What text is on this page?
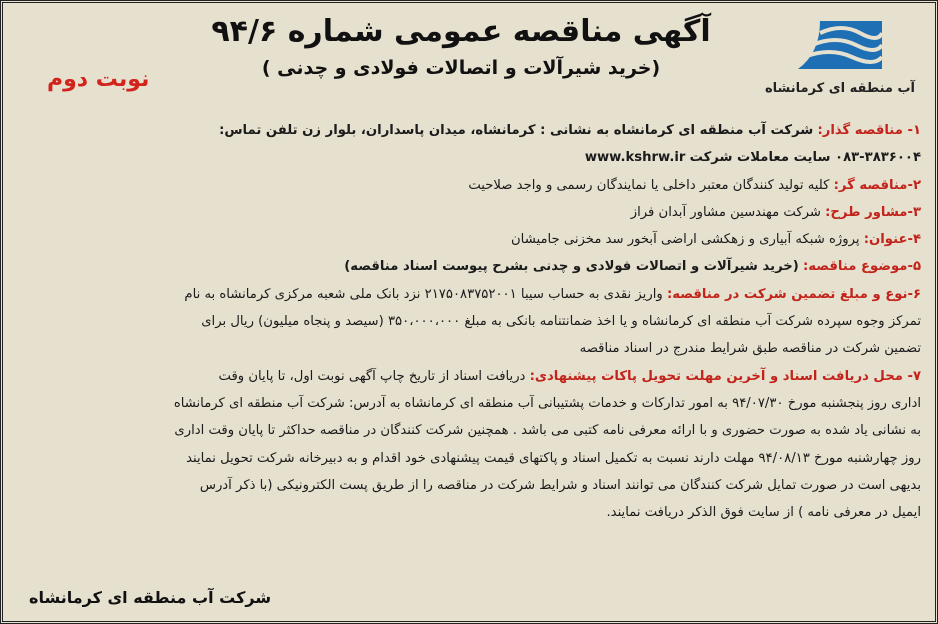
آب منطقه ای کرمانشاه
آگهی مناقصه عمومی شماره ۹۴/۶
(خرید شیرآلات و اتصالات فولادی و چدنی )
نوبت دوم
۱- مناقصه گذار: شرکت آب منطقه ای کرمانشاه به نشانی : کرمانشاه، میدان پاسداران، بلوار زن تلفن تماس:
۰۸۳-۳۸۳۶۰۰۴ سایت معاملات شرکت www.kshrw.ir
۲-مناقصه گر: کلیه تولید کنندگان معتبر داخلی یا نمایندگان رسمی و واجد صلاحیت
۳-مشاور طرح: شرکت مهندسین مشاور آبدان فراز
۴-عنوان: پروژه شبکه آبیاری و زهکشی اراضی آبخور سد مخزنی جامیشان
۵-موضوع مناقصه: (خرید شیرآلات و اتصالات فولادی و چدنی بشرح پیوست اسناد مناقصه)
۶-نوع و مبلغ تضمین شرکت در مناقصه: واریز نقدی به حساب سیبا ۲۱۷۵۰۸۳۷۵۲۰۰۱ نزد بانک ملی شعبه مرکزی کرمانشاه به نام
تمرکز وجوه سپرده شرکت آب منطقه ای کرمانشاه و یا اخذ ضمانتنامه بانکی به مبلغ ۳۵۰،۰۰۰،۰۰۰ (سیصد و پنجاه میلیون) ریال برای
تضمین شرکت در مناقصه طبق شرایط مندرج در اسناد مناقصه
۷- محل دریافت اسناد و آخرین مهلت تحویل پاکات پیشنهادی: دریافت اسناد از تاریخ چاپ آگهی نوبت اول، تا پایان وقت
اداری روز پنجشنبه مورخ ۹۴/۰۷/۳۰ به امور تدارکات و خدمات پشتیبانی آب منطقه ای کرمانشاه به آدرس: شرکت آب منطقه ای کرمانشاه
به نشانی یاد شده به صورت حضوری و با ارائه معرفی نامه کتبی می باشد . همچنین شرکت کنندگان در مناقصه حداکثر تا پایان وقت اداری
روز چهارشنبه مورخ ۹۴/۰۸/۱۳ مهلت دارند نسبت به تکمیل اسناد و پاکتهای قیمت پیشنهادی خود اقدام و به دبیرخانه شرکت تحویل نمایند
بدیهی است در صورت تمایل شرکت کنندگان می توانند اسناد و شرایط شرکت در مناقصه را از طریق پست الکترونیکی (با ذکر آدرس
ایمیل در معرفی نامه ) از سایت فوق الذکر دریافت نمایند.
شرکت آب منطقه ای کرمانشاه
